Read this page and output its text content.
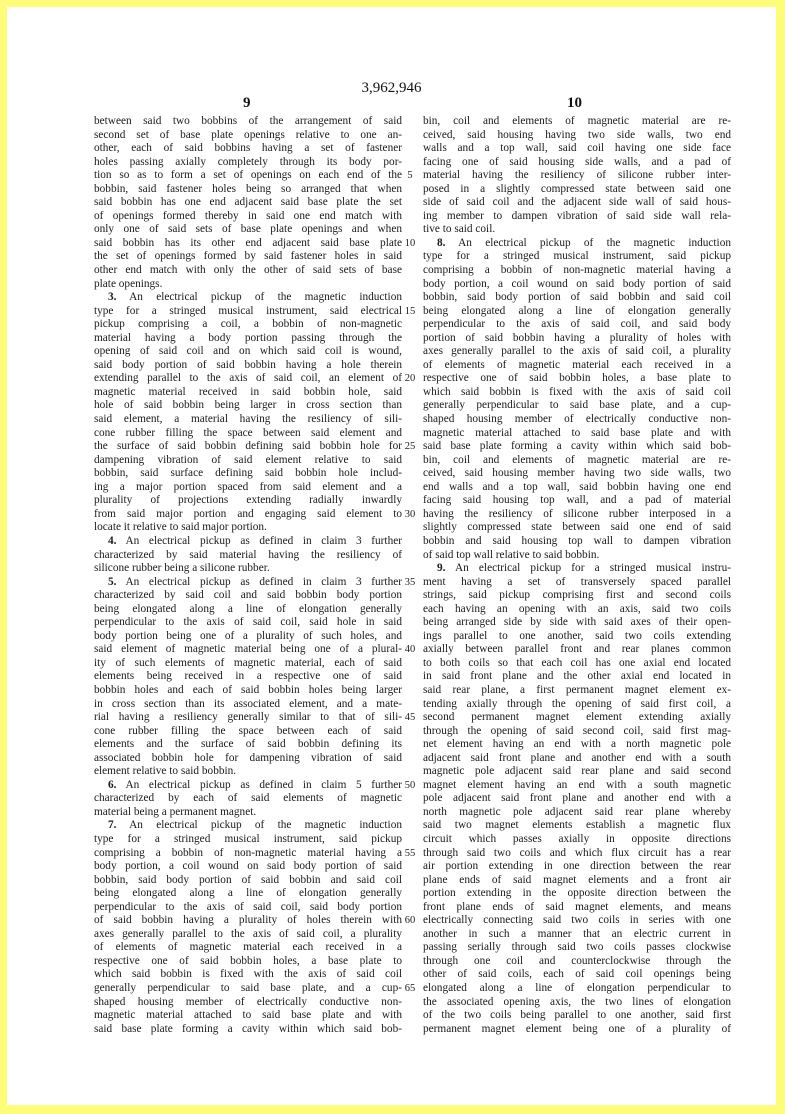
3,962,946
9	10

between said two bobbins of the arrangement of said

second set of base plate openings relative to one an-

other, each of said bobbins having a set of fastener

holes passing axially completely through its body por-

tion so as to form a set of openings on each end of the

bobbin, said fastener holes being so arranged that when

said bobbin has one end adjacent said base plate the set

of openings formed thereby in said one end match with

only one of said sets of base plate openings and when

said bobbin has its other end adjacent said base plate

the set of openings formed by said fastener holes in said

other end match with only the other of said sets of base

plate openings.

3. An electrical pickup of the magnetic induction

type for a stringed musical instrument, said electrical

pickup comprising a coil, a bobbin of non-magnetic

material having a body portion passing through the

opening of said coil and on which said coil is wound,

said body portion of said bobbin having a hole therein

extending parallel to the axis of said coil, an element of

magnetic material received in said bobbin hole, said

hole of said bobbin being larger in cross section than

said element, a material having the resiliency of sili-

cone rubber filling the space between said element and

the surface of said bobbin defining said bobbin hole for

dampening vibration of said element relative to said

bobbin, said surface defining said bobbin hole includ-

ing a major portion spaced from said element and a

plurality of projections extending radially inwardly

from said major portion and engaging said element to

locate it relative to said major portion.

4. An electrical pickup as defined in claim 3 further

characterized by said material having the resiliency of

silicone rubber being a silicone rubber.

5. An electrical pickup as defined in claim 3 further

characterized by said coil and said bobbin body portion

being elongated along a line of elongation generally

perpendicular to the axis of said coil, said hole in said

body portion being one of a plurality of such holes, and

said element of magnetic material being one of a plural-

ity of such elements of magnetic material, each of said

elements being received in a respective one of said

bobbin holes and each of said bobbin holes being larger

in cross section than its associated element, and a mate-

rial having a resiliency generally similar to that of sili-

cone rubber filling the space between each of said

elements and the surface of said bobbin defining its

associated bobbin hole for dampening vibration of said

element relative to said bobbin.

6. An electrical pickup as defined in claim 5 further

characterized by each of said elements of magnetic

material being a permanent magnet.

7. An electrical pickup of the magnetic induction

type for a stringed musical instrument, said pickup

comprising a bobbin of non-magnetic material having a

body portion, a coil wound on said body portion of said

bobbin, said body portion of said bobbin and said coil

being elongated along a line of elongation generally

perpendicular to the axis of said coil, said body portion

of said bobbin having a plurality of holes therein with

axes generally parallel to the axis of said coil, a plurality

of elements of magnetic material each received in a

respective one of said bobbin holes, a base plate to

which said bobbin is fixed with the axis of said coil

generally perpendicular to said base plate, and a cup-

shaped housing member of electrically conductive non-

magnetic material attached to said base plate and with

said base plate forming a cavity within which said bob-

5
10
15
20
25
30
35
40
45
50
55
60
65

bin, coil and elements of magnetic material are re-

ceived, said housing having two side walls, two end

walls and a top wall, said coil having one side face

facing one of said housing side walls, and a pad of

material having the resiliency of silicone rubber inter-

posed in a slightly compressed state between said one

side of said coil and the adjacent side wall of said hous-

ing member to dampen vibration of said side wall rela-

tive to said coil.

8. An electrical pickup of the magnetic induction

type for a stringed musical instrument, said pickup

comprising a bobbin of non-magnetic material having a

body portion, a coil wound on said body portion of said

bobbin, said body portion of said bobbin and said coil

being elongated along a line of elongation generally

perpendicular to the axis of said coil, and said body

portion of said bobbin having a plurality of holes with

axes generally parallel to the axis of said coil, a plurality

of elements of magnetic material each received in a

respective one of said bobbin holes, a base plate to

which said bobbin is fixed with the axis of said coil

generally perpendicular to said base plate, and a cup-

shaped housing member of electrically conductive non-

magnetic material attached to said base plate and with

said base plate forming a cavity within which said bob-

bin, coil and elements of magnetic material are re-

ceived, said housing member having two side walls, two

end walls and a top wall, said bobbin having one end

facing said housing top wall, and a pad of material

having the resiliency of silicone rubber interposed in a

slightly compressed state between said one end of said

bobbin and said housing top wall to dampen vibration

of said top wall relative to said bobbin.

9. An electrical pickup for a stringed musical instru-

ment having a set of transversely spaced parallel

strings, said pickup comprising first and second coils

each having an opening with an axis, said two coils

being arranged side by side with said axes of their open-

ings parallel to one another, said two coils extending

axially between parallel front and rear planes common

to both coils so that each coil has one axial end located

in said front plane and the other axial end located in

said rear plane, a first permanent magnet element ex-

tending axially through the opening of said first coil, a

second permanent magnet element extending axially

through the opening of said second coil, said first mag-

net element having an end with a north magnetic pole

adjacent said front plane and another end with a south

magnetic pole adjacent said rear plane and said second

magnet element having an end with a south magnetic

pole adjacent said front plane and another end with a

north magnetic pole adjacent said rear plane whereby

said two magnet elements establish a magnetic flux

circuit which passes axially in opposite directions

through said two coils and which flux circuit has a rear

air portion extending in one direction between the rear

plane ends of said magnet elements and a front air

portion extending in the opposite direction between the

front plane ends of said magnet elements, and means

electrically connecting said two coils in series with one

another in such a manner that an electric current in

passing serially through said two coils passes clockwise

through one coil and counterclockwise through the

other of said coils, each of said coil openings being

elongated along a line of elongation perpendicular to

the associated opening axis, the two lines of elongation

of the two coils being parallel to one another, said first

permanent magnet element being one of a plurality of
